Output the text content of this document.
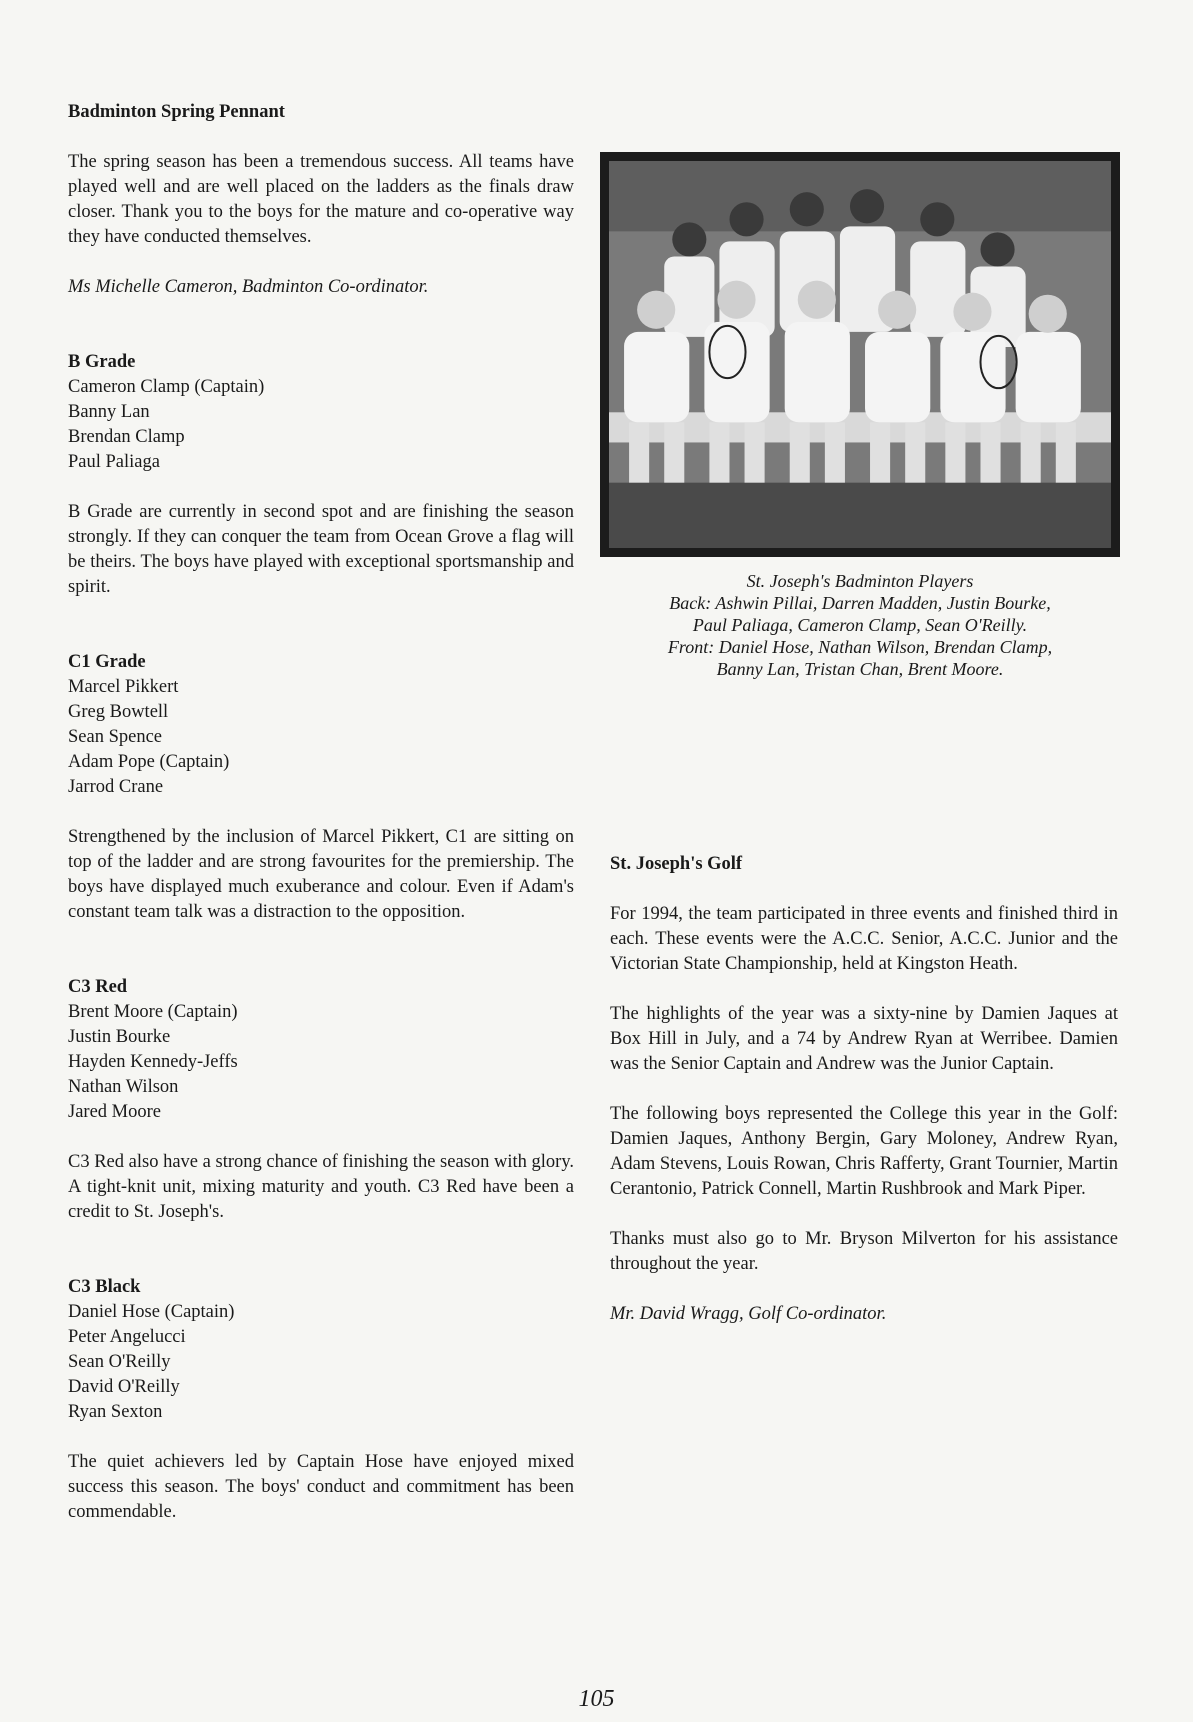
Badminton Spring Pennant

The spring season has been a tremendous success. All teams have played well and are well placed on the ladders as the finals draw closer. Thank you to the boys for the mature and co-operative way they have conducted themselves.

Ms Michelle Cameron, Badminton Co-ordinator.

B Grade

Cameron Clamp (Captain)
Banny Lan
Brendan Clamp
Paul Paliaga

B Grade are currently in second spot and are finishing the season strongly. If they can conquer the team from Ocean Grove a flag will be theirs. The boys have played with exceptional sportsmanship and spirit.

C1 Grade

Marcel Pikkert
Greg Bowtell
Sean Spence
Adam Pope (Captain)
Jarrod Crane

Strengthened by the inclusion of Marcel Pikkert, C1 are sitting on top of the ladder and are strong favourites for the premiership. The boys have displayed much exuberance and colour. Even if Adam's constant team talk was a distraction to the opposition.

C3 Red

Brent Moore (Captain)
Justin Bourke
Hayden Kennedy-Jeffs
Nathan Wilson
Jared Moore

C3 Red also have a strong chance of finishing the season with glory. A tight-knit unit, mixing maturity and youth. C3 Red have been a credit to St. Joseph's.

C3 Black

Daniel Hose (Captain)
Peter Angelucci
Sean O'Reilly
David O'Reilly
Ryan Sexton

The quiet achievers led by Captain Hose have enjoyed mixed success this season. The boys' conduct and commitment has been commendable.

St. Joseph's Badminton Players
Back: Ashwin Pillai, Darren Madden, Justin Bourke,
Paul Paliaga, Cameron Clamp, Sean O'Reilly.
Front: Daniel Hose, Nathan Wilson, Brendan Clamp,
Banny Lan, Tristan Chan, Brent Moore.

St. Joseph's Golf

For 1994, the team participated in three events and finished third in each. These events were the A.C.C. Senior, A.C.C. Junior and the Victorian State Championship, held at Kingston Heath.

The highlights of the year was a sixty-nine by Damien Jaques at Box Hill in July, and a 74 by Andrew Ryan at Werribee. Damien was the Senior Captain and Andrew was the Junior Captain.

The following boys represented the College this year in the Golf: Damien Jaques, Anthony Bergin, Gary Moloney, Andrew Ryan, Adam Stevens, Louis Rowan, Chris Rafferty, Grant Tournier, Martin Cerantonio, Patrick Connell, Martin Rushbrook and Mark Piper.

Thanks must also go to Mr. Bryson Milverton for his assistance throughout the year.

Mr. David Wragg, Golf Co-ordinator.

105
